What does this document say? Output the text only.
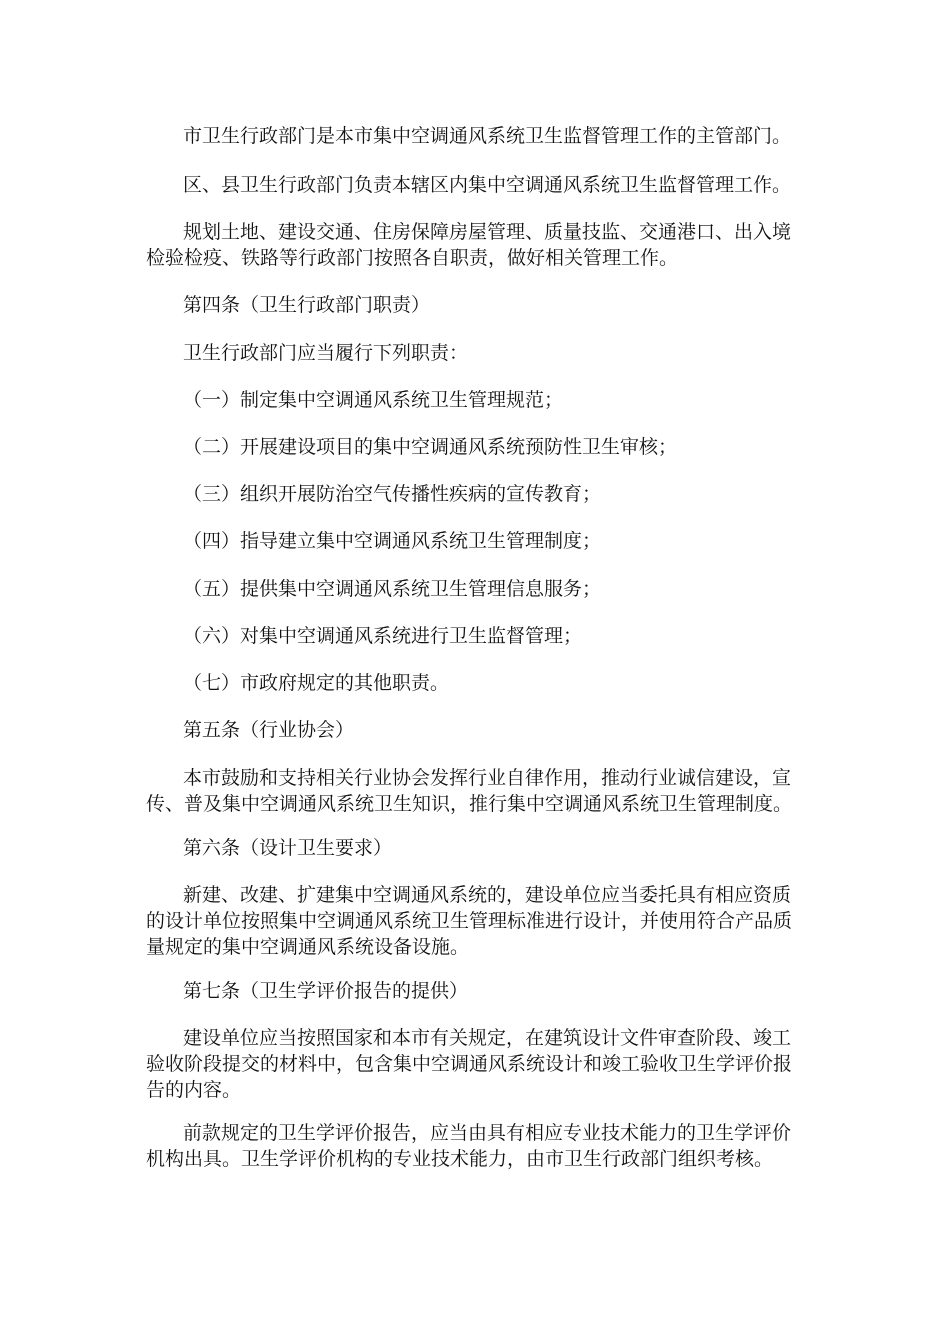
市卫生行政部门是本市集中空调通风系统卫生监督管理工作的主管部门。
区、县卫生行政部门负责本辖区内集中空调通风系统卫生监督管理工作。
规划土地、建设交通、住房保障房屋管理、质量技监、交通港口、出入境
检验检疫、铁路等行政部门按照各自职责，做好相关管理工作。
第四条（卫生行政部门职责）
卫生行政部门应当履行下列职责：
（一）制定集中空调通风系统卫生管理规范；
（二）开展建设项目的集中空调通风系统预防性卫生审核；
（三）组织开展防治空气传播性疾病的宣传教育；
（四）指导建立集中空调通风系统卫生管理制度；
（五）提供集中空调通风系统卫生管理信息服务；
（六）对集中空调通风系统进行卫生监督管理；
（七）市政府规定的其他职责。
第五条（行业协会）
本市鼓励和支持相关行业协会发挥行业自律作用，推动行业诚信建设，宣
传、普及集中空调通风系统卫生知识，推行集中空调通风系统卫生管理制度。
第六条（设计卫生要求）
新建、改建、扩建集中空调通风系统的，建设单位应当委托具有相应资质
的设计单位按照集中空调通风系统卫生管理标准进行设计，并使用符合产品质
量规定的集中空调通风系统设备设施。
第七条（卫生学评价报告的提供）
建设单位应当按照国家和本市有关规定，在建筑设计文件审查阶段、竣工
验收阶段提交的材料中，包含集中空调通风系统设计和竣工验收卫生学评价报
告的内容。
前款规定的卫生学评价报告，应当由具有相应专业技术能力的卫生学评价
机构出具。卫生学评价机构的专业技术能力，由市卫生行政部门组织考核。
